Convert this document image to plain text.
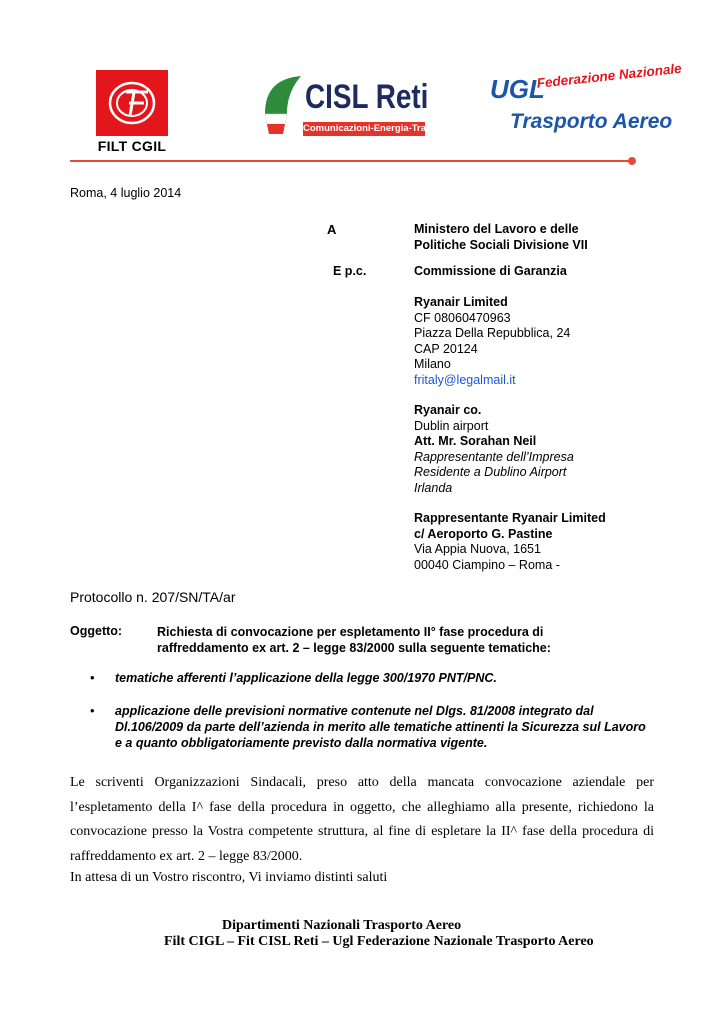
FILT CGIL
CISL Reti
Comunicazioni-Energia-Trasporti
UGL
Federazione Nazionale
Trasporto Aereo
Roma, 4 luglio 2014
A	Ministero del Lavoro e delle
Politiche Sociali Divisione VII
E p.c.	Commissione di Garanzia
Ryanair Limited
CF 08060470963
Piazza Della Repubblica, 24
CAP 20124
Milano
fritaly@legalmail.it
Ryanair co.
Dublin airport
Att. Mr. Sorahan Neil
Rappresentante dell’Impresa
Residente a Dublino Airport
Irlanda
Rappresentante Ryanair Limited
c/ Aeroporto G. Pastine
Via Appia Nuova, 1651
00040 Ciampino – Roma -
Protocollo n. 207/SN/TA/ar
Oggetto:	Richiesta di convocazione per espletamento II° fase procedura di raffreddamento ex art. 2 – legge 83/2000 sulla seguente tematiche:
• tematiche afferenti l’applicazione della legge 300/1970 PNT/PNC.
• applicazione delle previsioni normative contenute nel Dlgs. 81/2008 integrato dal Dl.106/2009 da parte dell’azienda in merito alle tematiche attinenti la Sicurezza sul Lavoro e a quanto obbligatoriamente previsto dalla normativa vigente.
Le scriventi Organizzazioni Sindacali, preso atto della mancata convocazione aziendale per l’espletamento della I^ fase della procedura in oggetto, che alleghiamo alla presente, richiedono la convocazione presso la Vostra competente struttura, al fine di espletare la II^ fase della procedura di raffreddamento ex art. 2 – legge 83/2000.
In attesa di un Vostro riscontro, Vi inviamo distinti saluti
Dipartimenti Nazionali Trasporto Aereo
Filt CIGL – Fit CISL Reti – Ugl Federazione Nazionale Trasporto Aereo
